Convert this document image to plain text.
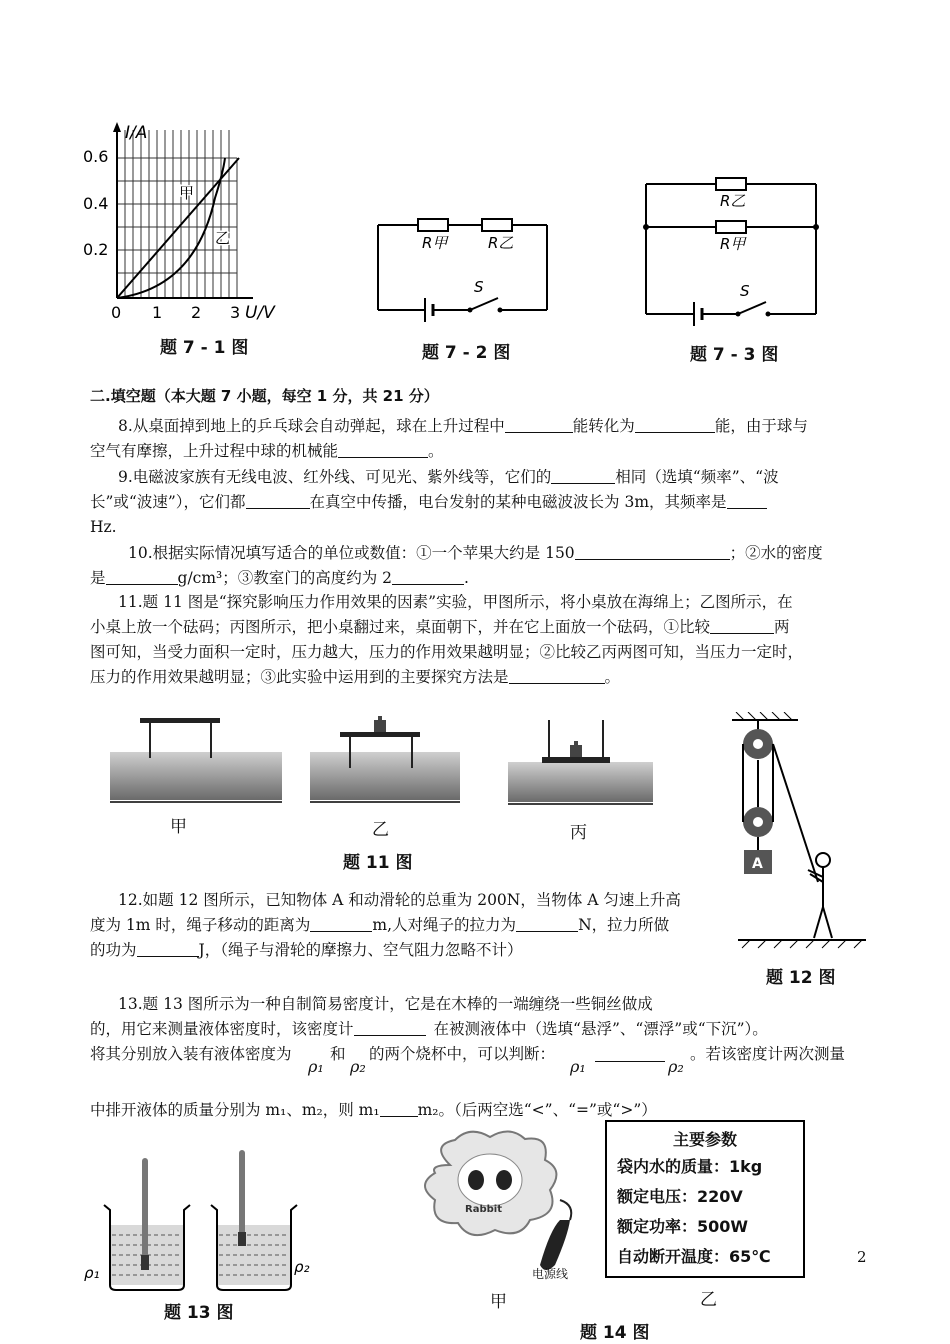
I/A
0.6
0.4
0.2
0 1 2 3 U/V
甲
乙
题 7 - 1 图
R甲	R乙
S
题 7 - 2 图
R乙
R甲
S
题 7 - 3 图
二.填空题（本大题 7 小题，每空 1 分，共 21 分）
8.从桌面掉到地上的乒乓球会自动弹起，球在上升过程中	能转化为	能，由于球与
空气有摩擦，上升过程中球的机械能	。
9.电磁波家族有无线电波、红外线、可见光、紫外线等，它们的	相同（选填“频率”、“波
长”或“波速”），它们都	在真空中传播，电台发射的某种电磁波波长为 3m，其频率是
Hz.
10.根据实际情况填写适合的单位或数值：①一个苹果大约是 150	；②水的密度
是	g/cm³；③教室门的高度约为 2	.
11.题 11 图是“探究影响压力作用效果的因素”实验，甲图所示，将小桌放在海绵上；乙图所示，在
小桌上放一个砝码；丙图所示，把小桌翻过来，桌面朝下，并在它上面放一个砝码，①比较	两
图可知，当受力面积一定时，压力越大，压力的作用效果越明显；②比较乙丙两图可知，当压力一定时，
压力的作用效果越明显；③此实验中运用到的主要探究方法是	。
甲	乙	丙
题 11 图	A
题 12 图
12.如题 12 图所示，已知物体 A 和动滑轮的总重为 200N，当物体 A 匀速上升高
度为 1m 时，绳子移动的距离为	m,人对绳子的拉力为	N，拉力所做
的功为	J，（绳子与滑轮的摩擦力、空气阻力忽略不计）
13.题 13 图所示为一种自制简易密度计，它是在木棒的一端缠绕一些铜丝做成
的，用它来测量液体密度时，该密度计	在被测液体中（选填“悬浮”、“漂浮”或“下沉”）。
将其分别放入装有液体密度为
ρ₁
和
ρ₂
的两个烧杯中，可以判断：
ρ₁	ρ₂
。若该密度计两次测量
中排开液体的质量分别为 m₁、m₂，则 m₁ m₂。（后两空选“<”、“=”或“>”）
ρ₁	ρ₂
题 13 图
Rabbit
电源线
甲
主要参数
袋内水的质量：1kg
额定电压：220V
额定功率：500W
自动断开温度：65℃
乙
题 14 图
2
